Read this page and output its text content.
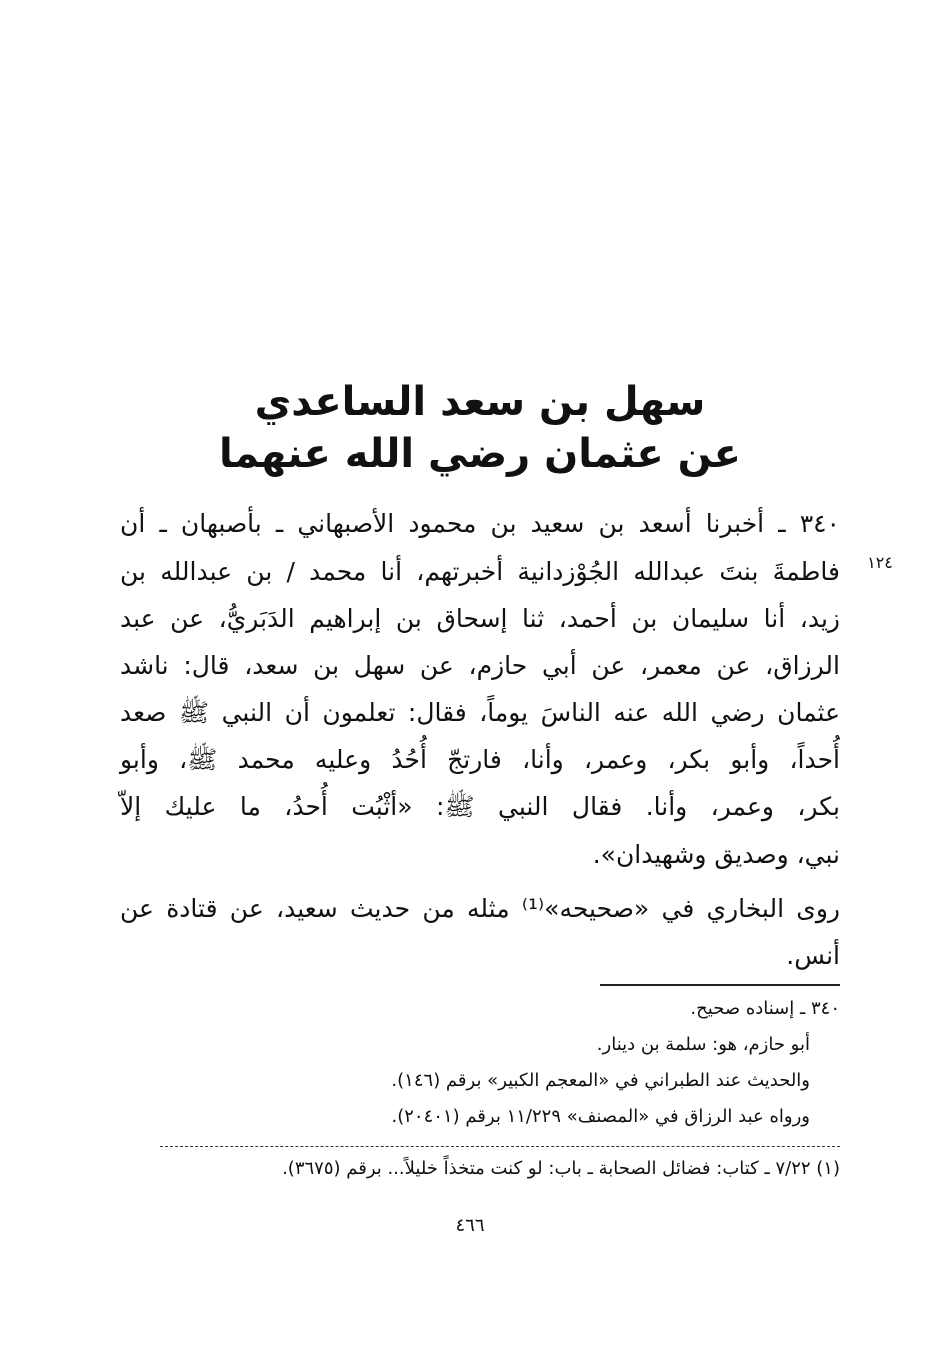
سهل بن سعد الساعدي
عن عثمان رضي الله عنهما
١٢٤
٣٤٠ ـ أخبرنا أسعد بن سعيد بن محمود الأصبهاني ـ بأصبهان ـ أن
فاطمةَ بنتَ عبدالله الجُوْزدانية أخبرتهم، أنا محمد / بن عبدالله بن
زيد، أنا سليمان بن أحمد، ثنا إسحاق بن إبراهيم الدَبَريُّ، عن عبد
الرزاق، عن معمر، عن أبي حازم، عن سهل بن سعد، قال: ناشد
عثمان رضي الله عنه الناسَ يوماً، فقال: تعلمون أن النبي ﷺ صعد
أُحداً، وأبو بكر، وعمر، وأنا، فارتجّ أُحُدُ وعليه محمد ﷺ، وأبو
بكر، وعمر، وأنا. فقال النبي ﷺ: «أثْبُت أُحدُ، ما عليك إلاّ
نبي، وصديق وشهيدان».
روى البخاري في «صحيحه»⁽¹⁾ مثله من حديث سعيد، عن قتادة عن
أنس.
٣٤٠ ـ إسناده صحيح.
أبو حازم، هو: سلمة بن دينار.
والحديث عند الطبراني في «المعجم الكبير» برقم (١٤٦).
ورواه عبد الرزاق في «المصنف» ١١/٢٢٩ برقم (٢٠٤٠١).
(١) ٧/٢٢ ـ كتاب: فضائل الصحابة ـ باب: لو كنت متخذاً خليلاً... برقم (٣٦٧٥).
٤٦٦
